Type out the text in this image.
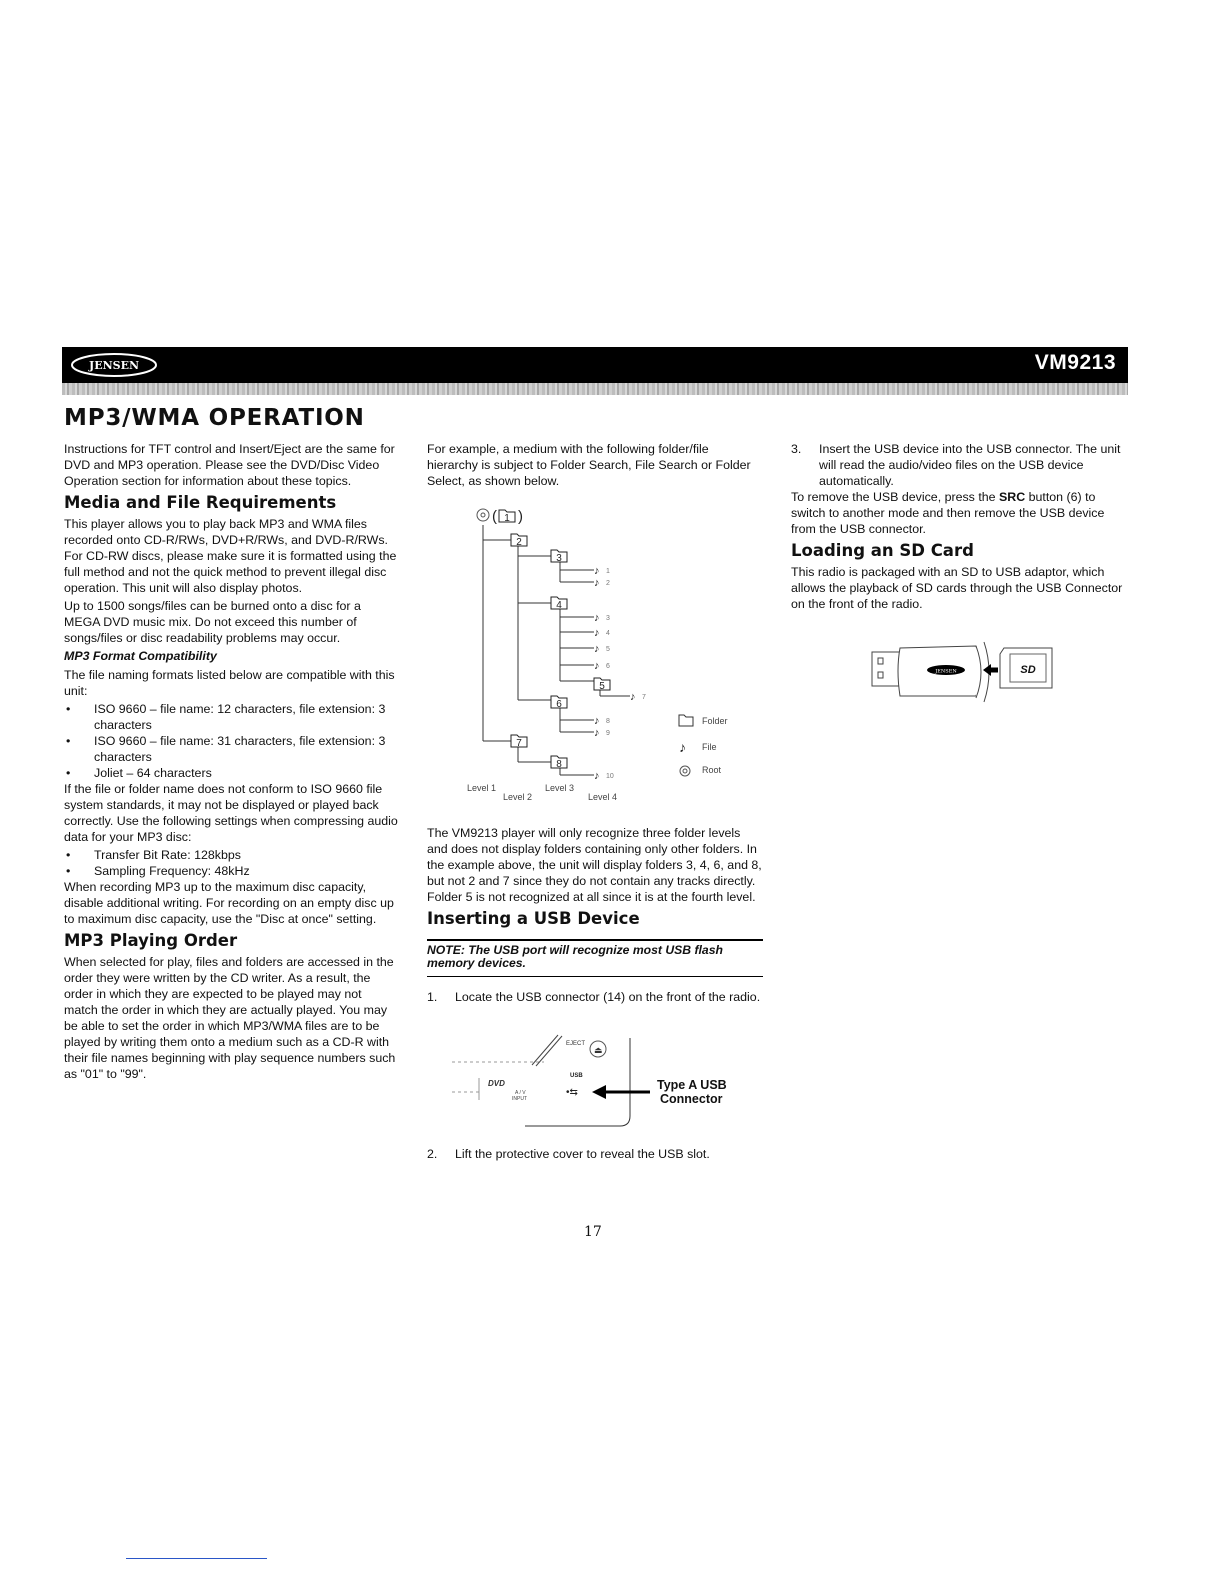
VM9213
JENSEN
MP3/WMA OPERATION

Instructions for TFT control and Insert/Eject are the same for DVD and MP3 operation. Please see the DVD/Disc Video Operation section for information about these topics.

Media and File Requirements

This player allows you to play back MP3 and WMA files recorded onto CD-R/RWs, DVD+R/RWs, and DVD-R/RWs. For CD-RW discs, please make sure it is formatted using the full method and not the quick method to prevent illegal disc operation. This unit will also display photos.

Up to 1500 songs/files can be burned onto a disc for a MEGA DVD music mix. Do not exceed this number of songs/files or disc readability problems may occur.

MP3 Format Compatibility

The file naming formats listed below are compatible with this unit:

• ISO 9660 – file name: 12 characters, file extension: 3 characters
• ISO 9660 – file name: 31 characters, file extension: 3 characters
• Joliet – 64 characters

If the file or folder name does not conform to ISO 9660 file system standards, it may not be displayed or played back correctly. Use the following settings when compressing audio data for your MP3 disc:

• Transfer Bit Rate: 128kbps
• Sampling Frequency: 48kHz

When recording MP3 up to the maximum disc capacity, disable additional writing. For recording on an empty disc up to maximum disc capacity, use the "Disc at once" setting.

MP3 Playing Order

When selected for play, files and folders are accessed in the order they were written by the CD writer. As a result, the order in which they are expected to be played may not match the order in which they are actually played. You may be able to set the order in which MP3/WMA files are to be played by writing them onto a medium such as a CD-R with their file names beginning with play sequence numbers such as "01" to "99".

For example, a medium with the following folder/file hierarchy is subject to Folder Search, File Search or Folder Select, as shown below.

( )
1
2
3
4
5
6
7
8
♪ 1
♪ 2
♪ 3
♪ 4
♪ 5
♪ 6
♪ 7
♪ 8
♪ 9
♪ 10
Folder
♪ File
Root
Level 1
Level 2
Level 3
Level 4

The VM9213 player will only recognize three folder levels and does not display folders containing only other folders. In the example above, the unit will display folders 3, 4, 6, and 8, but not 2 and 7 since they do not contain any tracks directly. Folder 5 is not recognized at all since it is at the fourth level.

Inserting a USB Device
NOTE: The USB port will recognize most USB flash memory devices.
1. Locate the USB connector (14) on the front of the radio.
EJECT
⏏
USB
DVD
A / V
INPUT
•⇆
Type A USB
Connector
2. Lift the protective cover to reveal the USB slot.
3. Insert the USB device into the USB connector. The unit will read the audio/video files on the USB device automatically.

To remove the USB device, press the SRC button (6) to switch to another mode and then remove the USB device from the USB connector.

Loading an SD Card

This radio is packaged with an SD to USB adaptor, which allows the playback of SD cards through the USB Connector on the front of the radio.

JENSEN	SD
17
